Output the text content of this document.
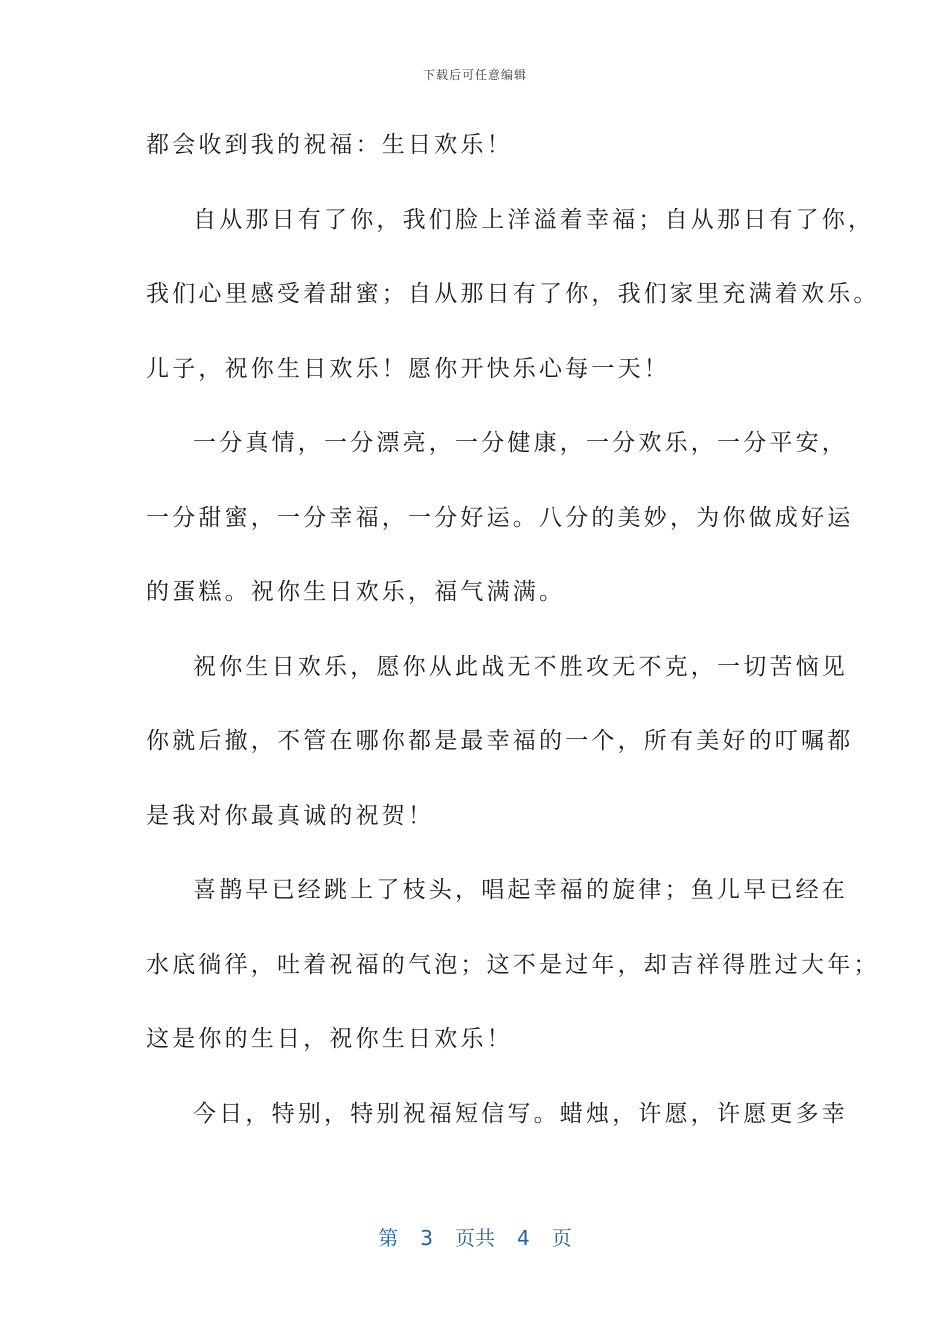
下载后可任意编辑
都会收到我的祝福：生日欢乐！
自从那日有了你，我们脸上洋溢着幸福；自从那日有了你，
我们心里感受着甜蜜；自从那日有了你，我们家里充满着欢乐。
儿子，祝你生日欢乐！愿你开快乐心每一天！
一分真情，一分漂亮，一分健康，一分欢乐，一分平安，
一分甜蜜，一分幸福，一分好运。八分的美妙，为你做成好运
的蛋糕。祝你生日欢乐，福气满满。
祝你生日欢乐，愿你从此战无不胜攻无不克，一切苦恼见
你就后撤，不管在哪你都是最幸福的一个，所有美好的叮嘱都
是我对你最真诚的祝贺！
喜鹊早已经跳上了枝头，唱起幸福的旋律；鱼儿早已经在
水底徜徉，吐着祝福的气泡；这不是过年，却吉祥得胜过大年；
这是你的生日，祝你生日欢乐！
今日，特别，特别祝福短信写。蜡烛，许愿，许愿更多幸
第 3 页共 4 页
